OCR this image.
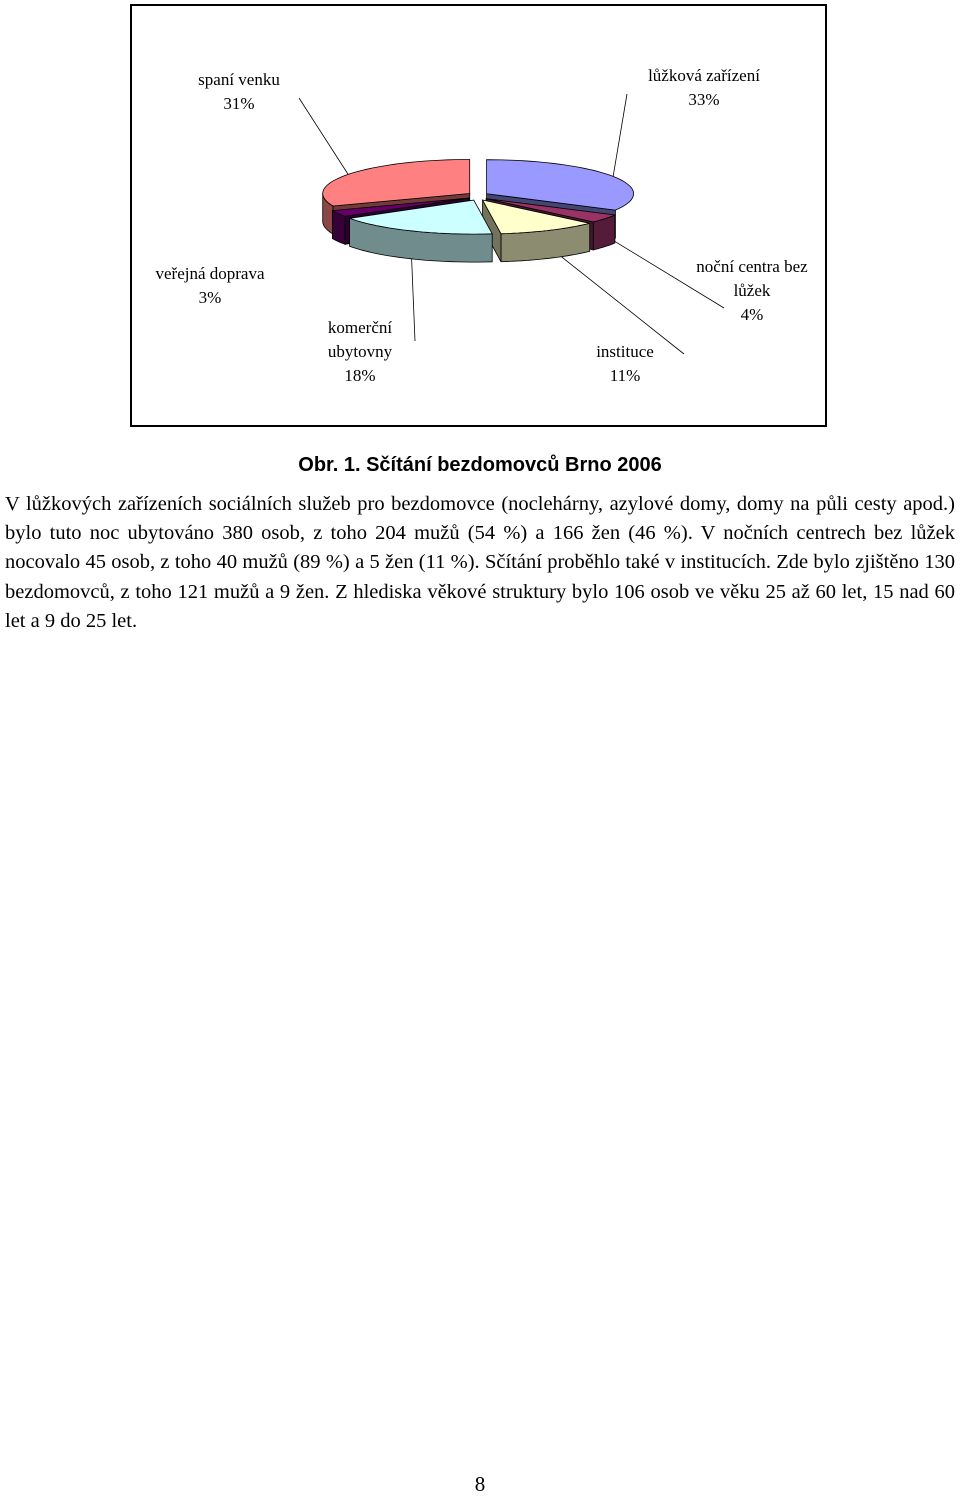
lůžková zařízení
33%
noční centra bez
lůžek
4%
instituce
11%
komerční
ubytovny
18%
veřejná doprava
3%
spaní venku
31%
Obr. 1. Sčítání bezdomovců Brno 2006

V lůžkových zařízeních sociálních služeb pro bezdomovce (noclehárny, azylové domy, domy na půli cesty apod.) bylo tuto noc ubytováno 380 osob, z toho 204 mužů (54 %) a 166 žen (46 %). V nočních centrech bez lůžek nocovalo 45 osob, z toho 40 mužů (89 %) a 5 žen (11 %). Sčítání proběhlo také v institucích. Zde bylo zjištěno 130 bezdomovců, z toho 121 mužů a 9 žen. Z hlediska věkové struktury bylo 106 osob ve věku 25 až 60 let, 15 nad 60 let a 9 do 25 let.

8
